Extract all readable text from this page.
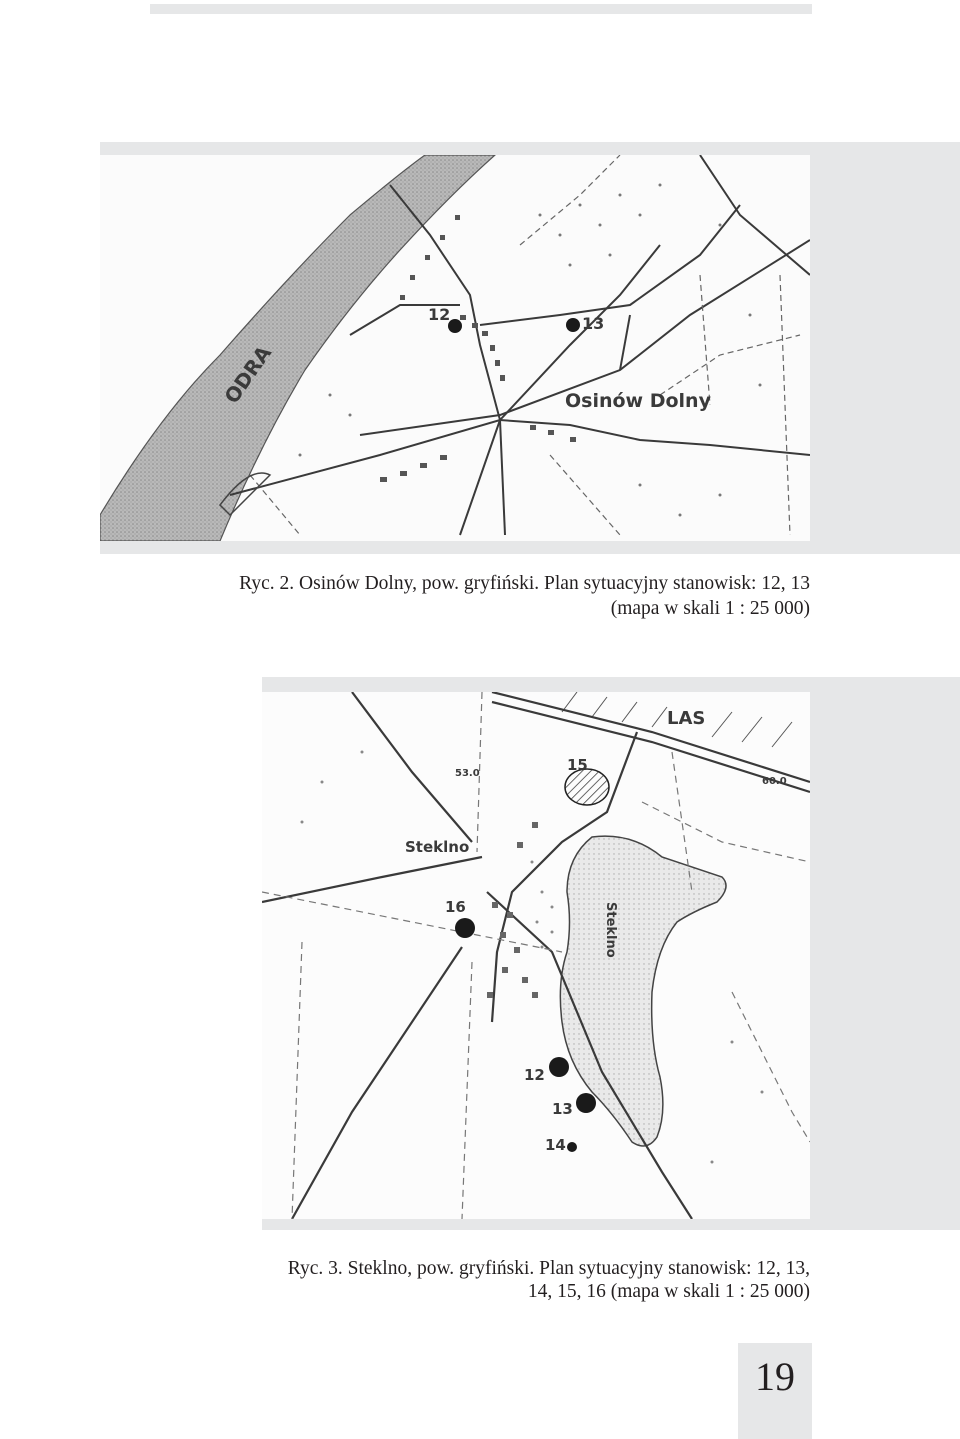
ODRA	Osinów Dolny
12	13
Ryc. 2. Osinów Dolny, pow. gryfiński. Plan sytuacyjny stanowisk: 12, 13
(mapa w skali 1 : 25 000)
LAS
Steklno
Steklno
53.0
60.0
15
16
12
13
14
Ryc. 3. Steklno, pow. gryfiński. Plan sytuacyjny stanowisk: 12, 13,
14, 15, 16 (mapa w skali 1 : 25 000)
19
